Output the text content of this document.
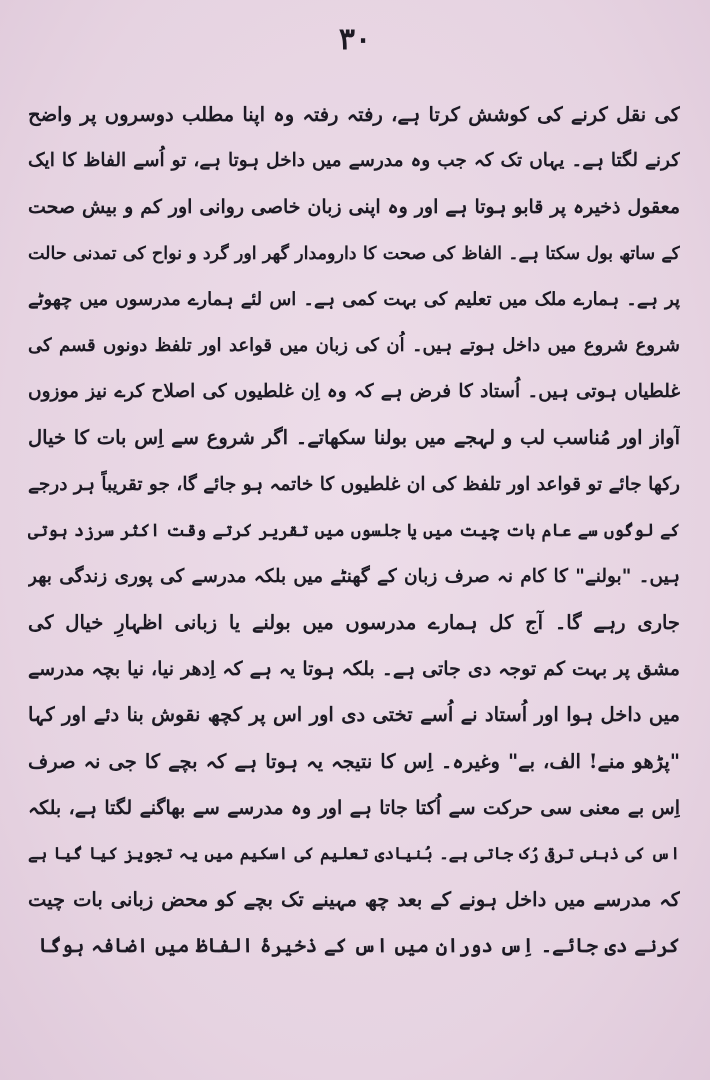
۳۰
کی نقل کرنے کی کوشش کرتا ہے، رفتہ رفتہ وہ اپنا مطلب دوسروں پر واضح
کرنے لگتا ہے۔ یہاں تک کہ جب وہ مدرسے میں داخل ہوتا ہے، تو اُسے الفاظ کا ایک
معقول ذخیرہ پر قابو ہوتا ہے اور وہ اپنی زبان خاصی روانی اور کم و بیش صحت
کے ساتھ بول سکتا ہے۔ الفاظ کی صحت کا دارومدار گھر اور گرد و نواح کی تمدنی حالت
پر ہے۔ ہمارے ملک میں تعلیم کی بہت کمی ہے۔ اس لئے ہمارے مدرسوں میں چھوٹے
شروع شروع میں داخل ہوتے ہیں۔ اُن کی زبان میں قواعد اور تلفظ دونوں قسم کی
غلطیاں ہوتی ہیں۔ اُستاد کا فرض ہے کہ وہ اِن غلطیوں کی اصلاح کرے نیز موزوں
آواز اور مُناسب لب و لہجے میں بولنا سکھاتے۔ اگر شروع سے اِس بات کا خیال
رکھا جائے تو قواعد اور تلفظ کی ان غلطیوں کا خاتمہ ہو جائے گا، جو تقریباً ہر درجے
کے لوگوں سے عام بات چیت میں یا جلسوں میں تقریر کرتے وقت اکثر سرزد ہوتی
ہیں۔ "بولنے" کا کام نہ صرف زبان کے گھنٹے میں بلکہ مدرسے کی پوری زندگی بھر
جاری رہے گا۔ آج کل ہمارے مدرسوں میں بولنے یا زبانی اظہارِ خیال کی
مشق پر بہت کم توجہ دی جاتی ہے۔ بلکہ ہوتا یہ ہے کہ اِدھر نیا، نیا بچہ مدرسے
میں داخل ہوا اور اُستاد نے اُسے تختی دی اور اس پر کچھ نقوش بنا دئے اور کہا
"پڑھو منے! الف، بے" وغیرہ۔ اِس کا نتیجہ یہ ہوتا ہے کہ بچے کا جی نہ صرف
اِس بے معنی سی حرکت سے اُکتا جاتا ہے اور وہ مدرسے سے بھاگنے لگتا ہے، بلکہ
اس کی ذہنی ترقی رُک جاتی ہے۔ بُنیادی تعلیم کی اسکیم میں یہ تجویز کیا گیا ہے
کہ مدرسے میں داخل ہونے کے بعد چھ مہینے تک بچے کو محض زبانی بات چیت
کرنے دی جائے۔ اِس دوران میں اس کے ذخیرۂ الفاظ میں اضافہ ہوگا
